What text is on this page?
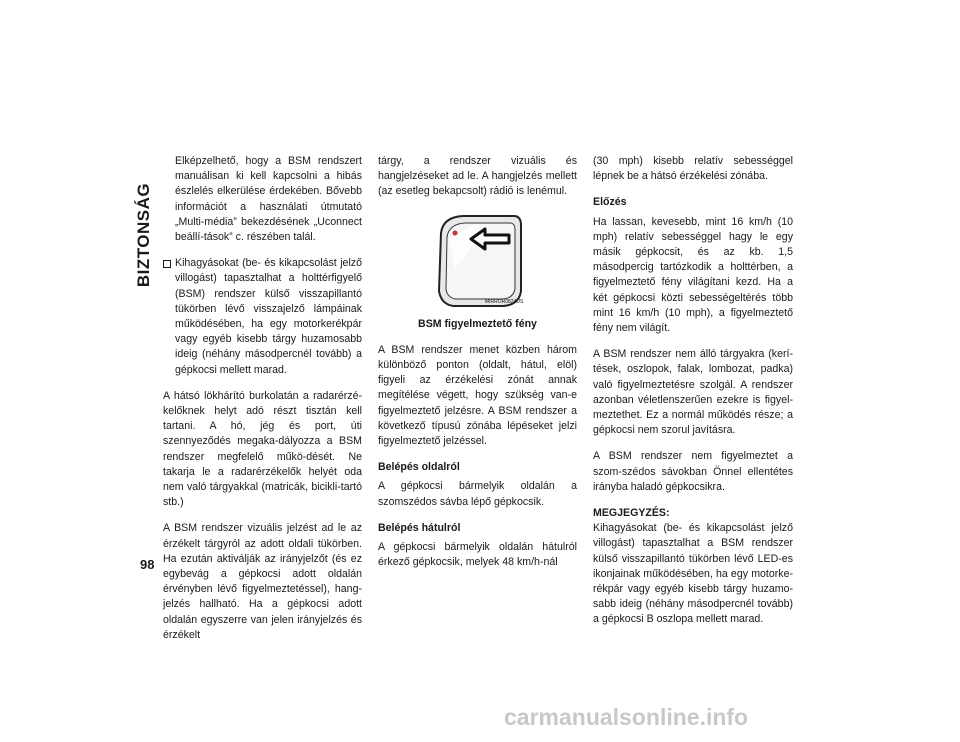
BIZTONSÁG
98

Elképzelhető, hogy a BSM rendszert manuálisan ki kell kapcsolni a hibás észlelés elkerülése érdekében. Bővebb információt a használati útmutató „Multi-média” bekezdésének „Uconnect beállí-tások” c. részében talál.

Kihagyásokat (be- és kikapcsolást jelző villogást) tapasztalhat a holttérfigyelő (BSM) rendszer külső visszapillantó tükörben lévő visszajelző lámpáinak működésében, ha egy motorkerékpár vagy egyéb kisebb tárgy huzamosabb ideig (néhány másodpercnél tovább) a gépkocsi mellett marad.

A hátsó lökhárító burkolatán a radarérzé-kelőknek helyt adó részt tisztán kell tartani. A hó, jég és port, úti szennyeződés megaka-dályozza a BSM rendszer megfelelő műkö-dését. Ne takarja le a radarérzékelők helyét oda nem való tárgyakkal (matricák, bicikli-tartó stb.)

A BSM rendszer vizuális jelzést ad le az érzékelt tárgyról az adott oldali tükörben. Ha ezután aktiválják az irányjelzőt (és ez egybevág a gépkocsi adott oldalán érvényben lévő figyelmeztetéssel), hang-jelzés hallható. Ha a gépkocsi adott oldalán egyszerre van jelen irányjelzés és érzékelt

tárgy, a rendszer vizuális és hangjelzéseket ad le. A hangjelzés mellett (az esetleg bekapcsolt) rádió is lenémul.

MIRROR0824US

BSM figyelmeztető fény

A BSM rendszer menet közben három különböző ponton (oldalt, hátul, elöl) figyeli az érzékelési zónát annak megítélése végett, hogy szükség van-e figyelmeztető jelzésre. A BSM rendszer a következő típusú zónába lépéseket jelzi figyelmeztető jelzéssel.

Belépés oldalról

A gépkocsi bármelyik oldalán a szomszédos sávba lépő gépkocsik.

Belépés hátulról

A gépkocsi bármelyik oldalán hátulról érkező gépkocsik, melyek 48 km/h-nál

(30 mph) kisebb relatív sebességgel lépnek be a hátsó érzékelési zónába.

Előzés

Ha lassan, kevesebb, mint 16 km/h (10 mph) relatív sebességgel hagy le egy másik gépkocsit, és az kb. 1,5 másodpercig tartózkodik a holttérben, a figyelmeztető fény világítani kezd. Ha a két gépkocsi közti sebességeltérés több mint 16 km/h (10 mph), a figyelmeztető fény nem világít.

A BSM rendszer nem álló tárgyakra (kerí-tések, oszlopok, falak, lombozat, padka) való figyelmeztetésre szolgál. A rendszer azonban véletlenszerűen ezekre is figyel-meztethet. Ez a normál működés része; a gépkocsi nem szorul javításra.

A BSM rendszer nem figyelmeztet a szom-szédos sávokban Önnel ellentétes irányba haladó gépkocsikra.

MEGJEGYZÉS:

Kihagyásokat (be- és kikapcsolást jelző villogást) tapasztalhat a BSM rendszer külső visszapillantó tükörben lévő LED-es ikonjainak működésében, ha egy motorke-rékpár vagy egyéb kisebb tárgy huzamo-sabb ideig (néhány másodpercnél tovább) a gépkocsi B oszlopa mellett marad.

carmanualsonline.info
